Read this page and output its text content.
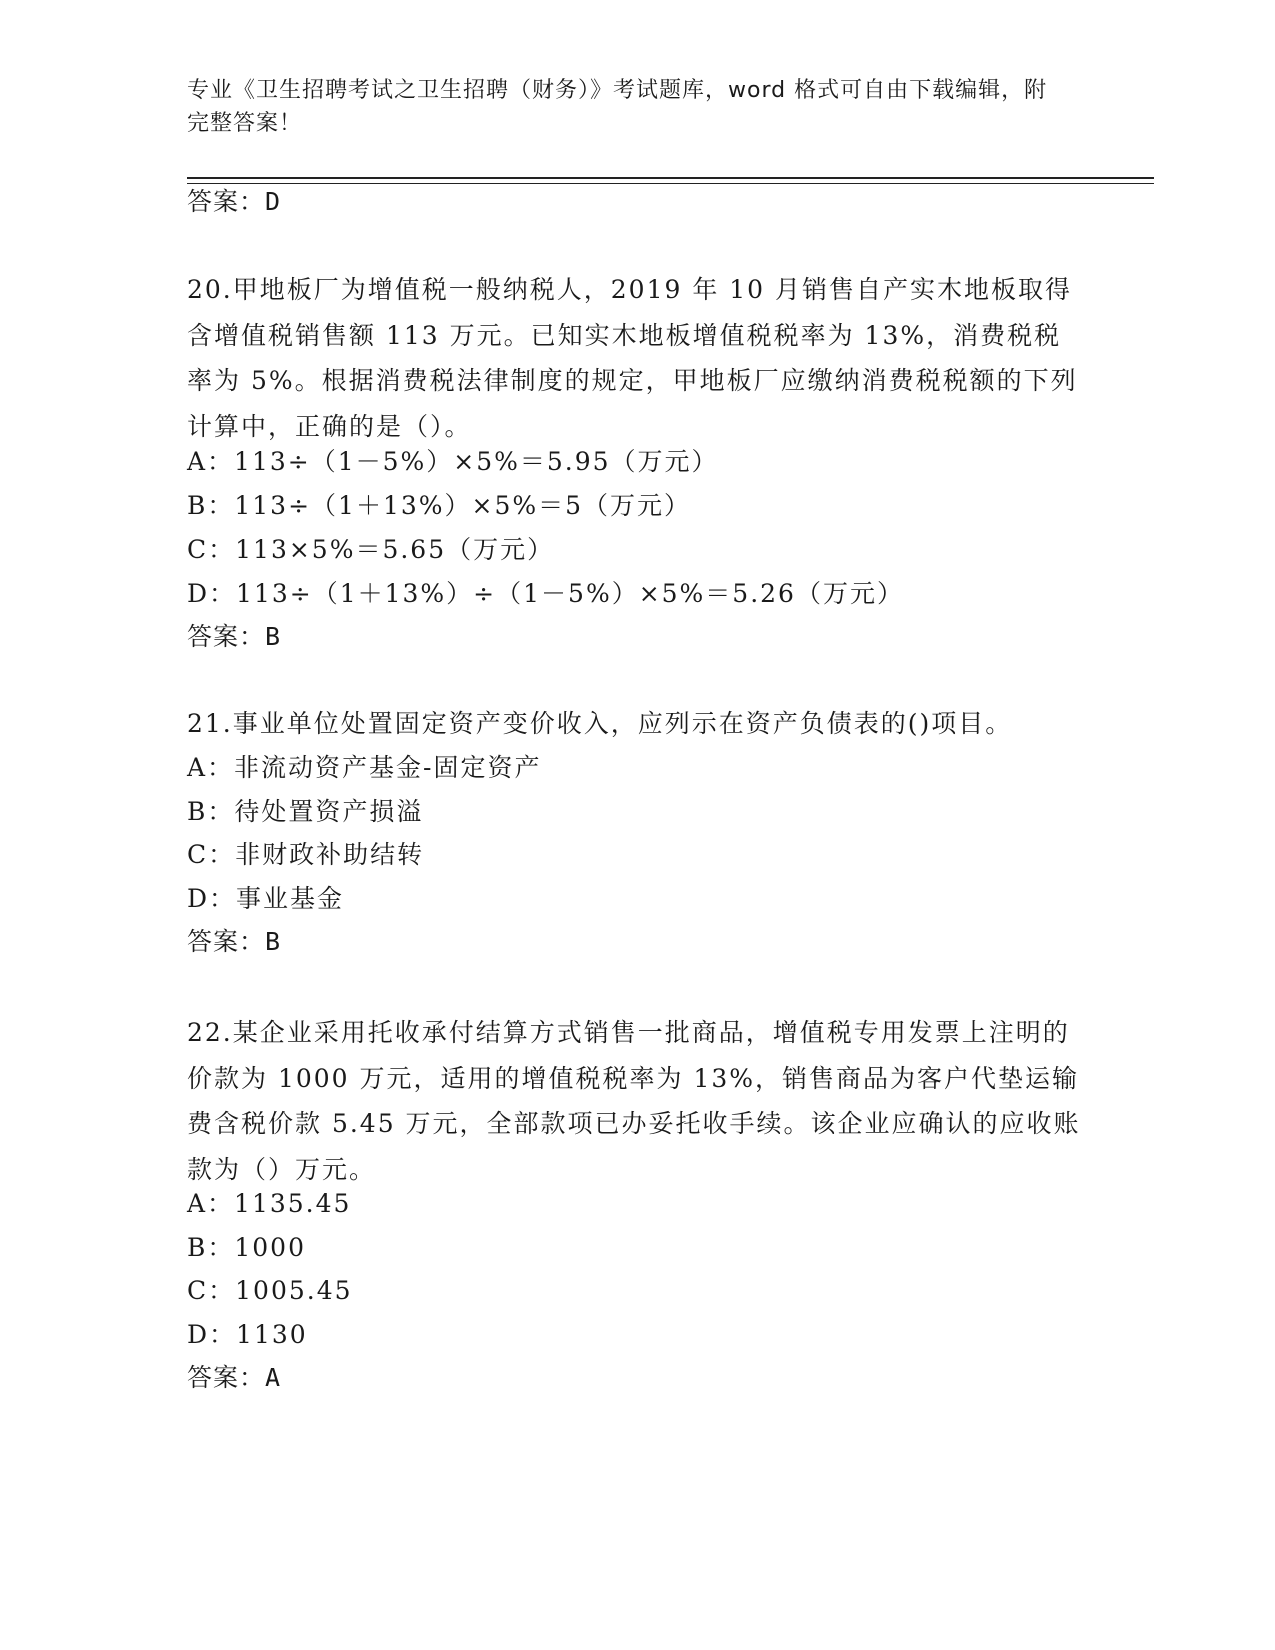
专业《卫生招聘考试之卫生招聘（财务）》考试题库，word 格式可自由下载编辑，附完整答案！
答案：D
20.甲地板厂为增值税一般纳税人，2019 年 10 月销售自产实木地板取得含增值税销售额 113 万元。已知实木地板增值税税率为 13%，消费税税率为 5%。根据消费税法律制度的规定，甲地板厂应缴纳消费税税额的下列计算中，正确的是（）。
A：113÷（1－5%）×5%＝5.95（万元）
B：113÷（1＋13%）×5%＝5（万元）
C：113×5%＝5.65（万元）
D：113÷（1＋13%）÷（1－5%）×5%＝5.26（万元）
答案：B
21.事业单位处置固定资产变价收入，应列示在资产负债表的()项目。
A：非流动资产基金-固定资产
B：待处置资产损溢
C：非财政补助结转
D：事业基金
答案：B
22.某企业采用托收承付结算方式销售一批商品，增值税专用发票上注明的价款为 1000 万元，适用的增值税税率为 13%，销售商品为客户代垫运输费含税价款 5.45 万元，全部款项已办妥托收手续。该企业应确认的应收账款为（）万元。
A：1135.45
B：1000
C：1005.45
D：1130
答案：A
